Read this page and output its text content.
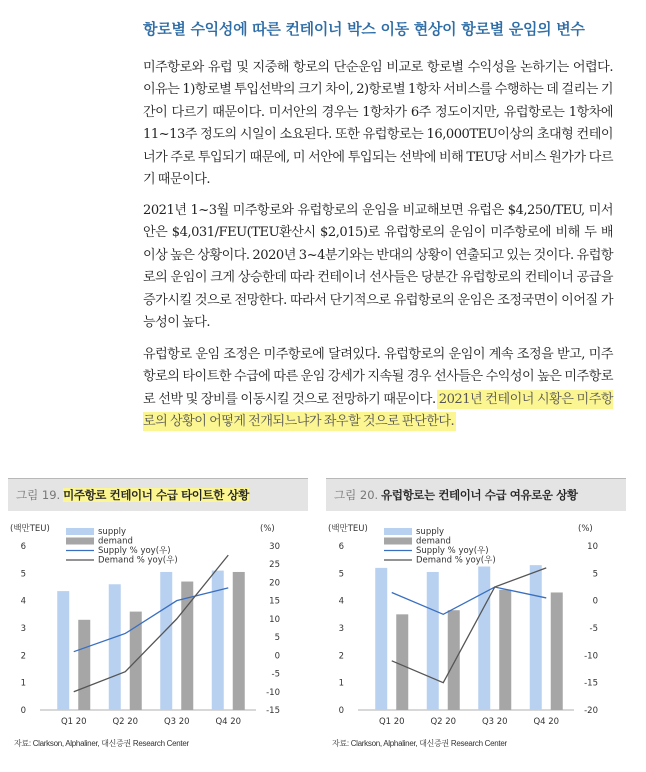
항로별 수익성에 따른 컨테이너 박스 이동 현상이 항로별 운임의 변수

미주항로와 유럽 및 지중해 항로의 단순운임 비교로 항로별 수익성을 논하기는 어렵다. 이유는 1)항로별 투입선박의 크기 차이, 2)항로별 1항차 서비스를 수행하는 데 걸리는 기간이 다르기 때문이다. 미서안의 경우는 1항차가 6주 정도이지만, 유럽항로는 1항차에 11~13주 정도의 시일이 소요된다. 또한 유럽항로는 16,000TEU이상의 초대형 컨테이너가 주로 투입되기 때문에, 미 서안에 투입되는 선박에 비해 TEU당 서비스 원가가 다르기 때문이다.

2021년 1~3월 미주항로와 유럽항로의 운임을 비교해보면 유럽은 $4,250/TEU, 미서안은 $4,031/FEU(TEU환산시 $2,015)로 유럽항로의 운임이 미주항로에 비해 두 배 이상 높은 상황이다. 2020년 3~4분기와는 반대의 상황이 연출되고 있는 것이다. 유럽항로의 운임이 크게 상승한데 따라 컨테이너 선사들은 당분간 유럽항로의 컨테이너 공급을 증가시킬 것으로 전망한다. 따라서 단기적으로 유럽항로의 운임은 조정국면이 이어질 가능성이 높다.

유럽항로 운임 조정은 미주항로에 달려있다. 유럽항로의 운임이 계속 조정을 받고, 미주항로의 타이트한 수급에 따른 운임 강세가 지속될 경우 선사들은 수익성이 높은 미주항로로 선박 및 장비를 이동시킬 것으로 전망하기 때문이다. 2021년 컨테이너 시황은 미주항로의 상황이 어떻게 전개되느냐가 좌우할 것으로 판단한다.

그림 19. 미주항로 컨테이너 수급 타이트한 상황
(백만TEU)	(%)
0
1
2
3
4
5
6
-15
-10
-5
0
5
10
15
20
25
30
Q1 20	Q2 20	Q3 20	Q4 20
supply
demand
Supply % yoy(우)
Demand % yoy(우)
자료: Clarkson, Alphaliner, 대신증권 Research Center
그림 20. 유럽항로는 컨테이너 수급 여유로운 상황
(백만TEU)	(%)
0
1
2
3
4
5
6
-20
-15
-10
-5
0
5
10
Q1 20	Q2 20	Q3 20	Q4 20
supply
demand
Supply % yoy(우)
Demand % yoy(우)
자료: Clarkson, Alphaliner, 대신증권 Research Center
